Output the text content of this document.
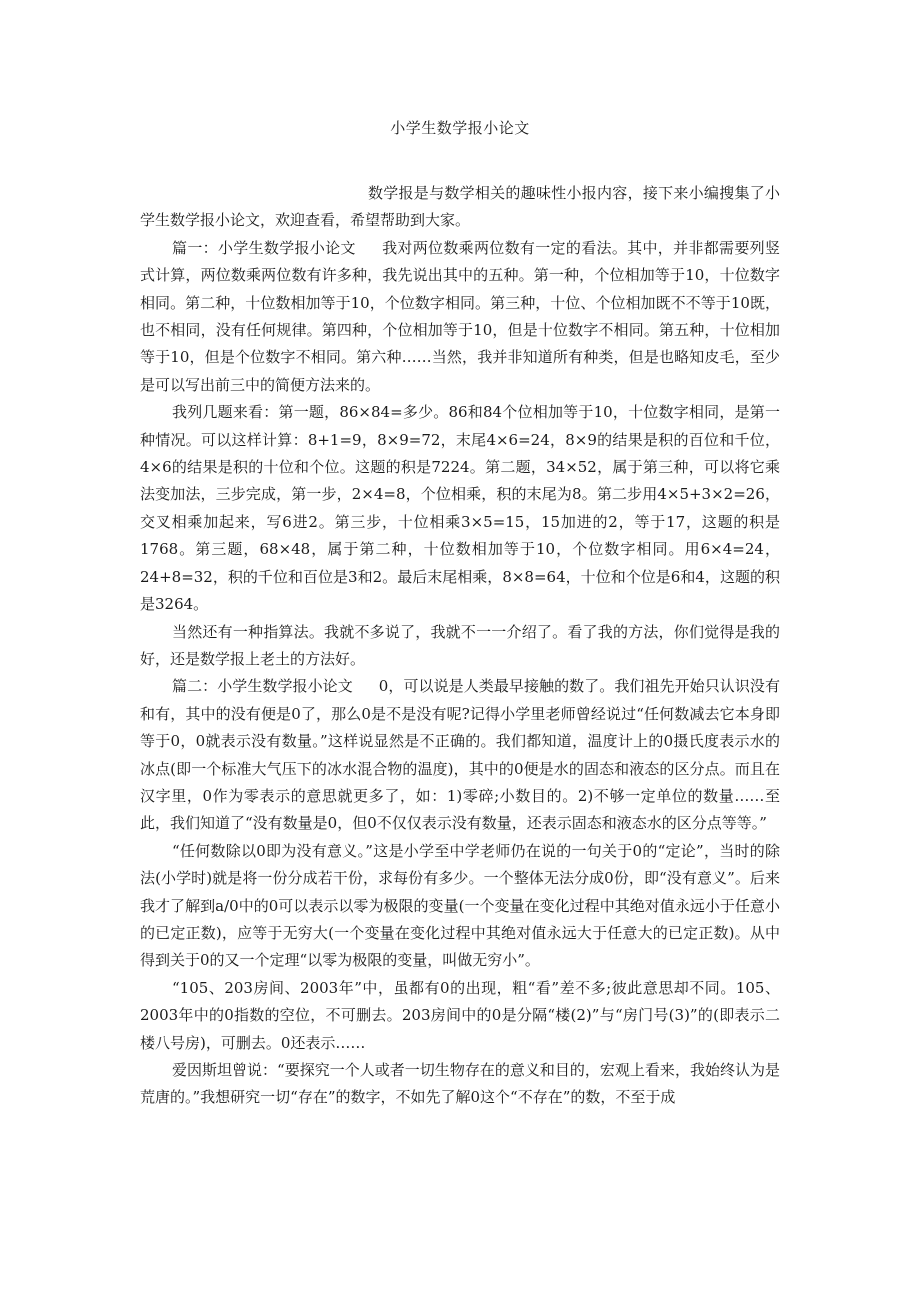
小学生数学报小论文

数学报是与数学相关的趣味性小报内容，接下来小编搜集了小学生数学报小论文，欢迎查看，希望帮助到大家。

篇一：小学生数学报小论文 我对两位数乘两位数有一定的看法。其中，并非都需要列竖式计算，两位数乘两位数有许多种，我先说出其中的五种。第一种，个位相加等于10，十位数字相同。第二种，十位数相加等于10，个位数字相同。第三种，十位、个位相加既不不等于10既，也不相同，没有任何规律。第四种，个位相加等于10，但是十位数字不相同。第五种，十位相加等于10，但是个位数字不相同。第六种……当然，我并非知道所有种类，但是也略知皮毛，至少是可以写出前三中的简便方法来的。

我列几题来看：第一题，86×84=多少。86和84个位相加等于10，十位数字相同，是第一种情况。可以这样计算：8+1=9，8×9=72，末尾4×6=24，8×9的结果是积的百位和千位，4×6的结果是积的十位和个位。这题的积是7224。第二题，34×52，属于第三种，可以将它乘法变加法，三步完成，第一步，2×4=8，个位相乘，积的末尾为8。第二步用4×5+3×2=26，交叉相乘加起来，写6进2。第三步，十位相乘3×5=15，15加进的2，等于17，这题的积是1768。第三题，68×48，属于第二种，十位数相加等于10，个位数字相同。用6×4=24，24+8=32，积的千位和百位是3和2。最后末尾相乘，8×8=64，十位和个位是6和4，这题的积是3264。

当然还有一种指算法。我就不多说了，我就不一一介绍了。看了我的方法，你们觉得是我的好，还是数学报上老土的方法好。

篇二：小学生数学报小论文 0，可以说是人类最早接触的数了。我们祖先开始只认识没有和有，其中的没有便是0了，那么0是不是没有呢?记得小学里老师曾经说过“任何数减去它本身即等于0，0就表示没有数量。”这样说显然是不正确的。我们都知道，温度计上的0摄氏度表示水的冰点(即一个标准大气压下的冰水混合物的温度)，其中的0便是水的固态和液态的区分点。而且在汉字里，0作为零表示的意思就更多了，如：1)零碎;小数目的。2)不够一定单位的数量……至此，我们知道了“没有数量是0，但0不仅仅表示没有数量，还表示固态和液态水的区分点等等。”

“任何数除以0即为没有意义。”这是小学至中学老师仍在说的一句关于0的“定论”，当时的除法(小学时)就是将一份分成若干份，求每份有多少。一个整体无法分成0份，即“没有意义”。后来我才了解到a/0中的0可以表示以零为极限的变量(一个变量在变化过程中其绝对值永远小于任意小的已定正数)，应等于无穷大(一个变量在变化过程中其绝对值永远大于任意大的已定正数)。从中得到关于0的又一个定理“以零为极限的变量，叫做无穷小”。

“105、203房间、2003年”中，虽都有0的出现，粗“看”差不多;彼此意思却不同。105、2003年中的0指数的空位，不可删去。203房间中的0是分隔“楼(2)”与“房门号(3)”的(即表示二楼八号房)，可删去。0还表示……

爱因斯坦曾说：“要探究一个人或者一切生物存在的意义和目的，宏观上看来，我始终认为是荒唐的。”我想研究一切“存在”的数字，不如先了解0这个“不存在”的数，不至于成
